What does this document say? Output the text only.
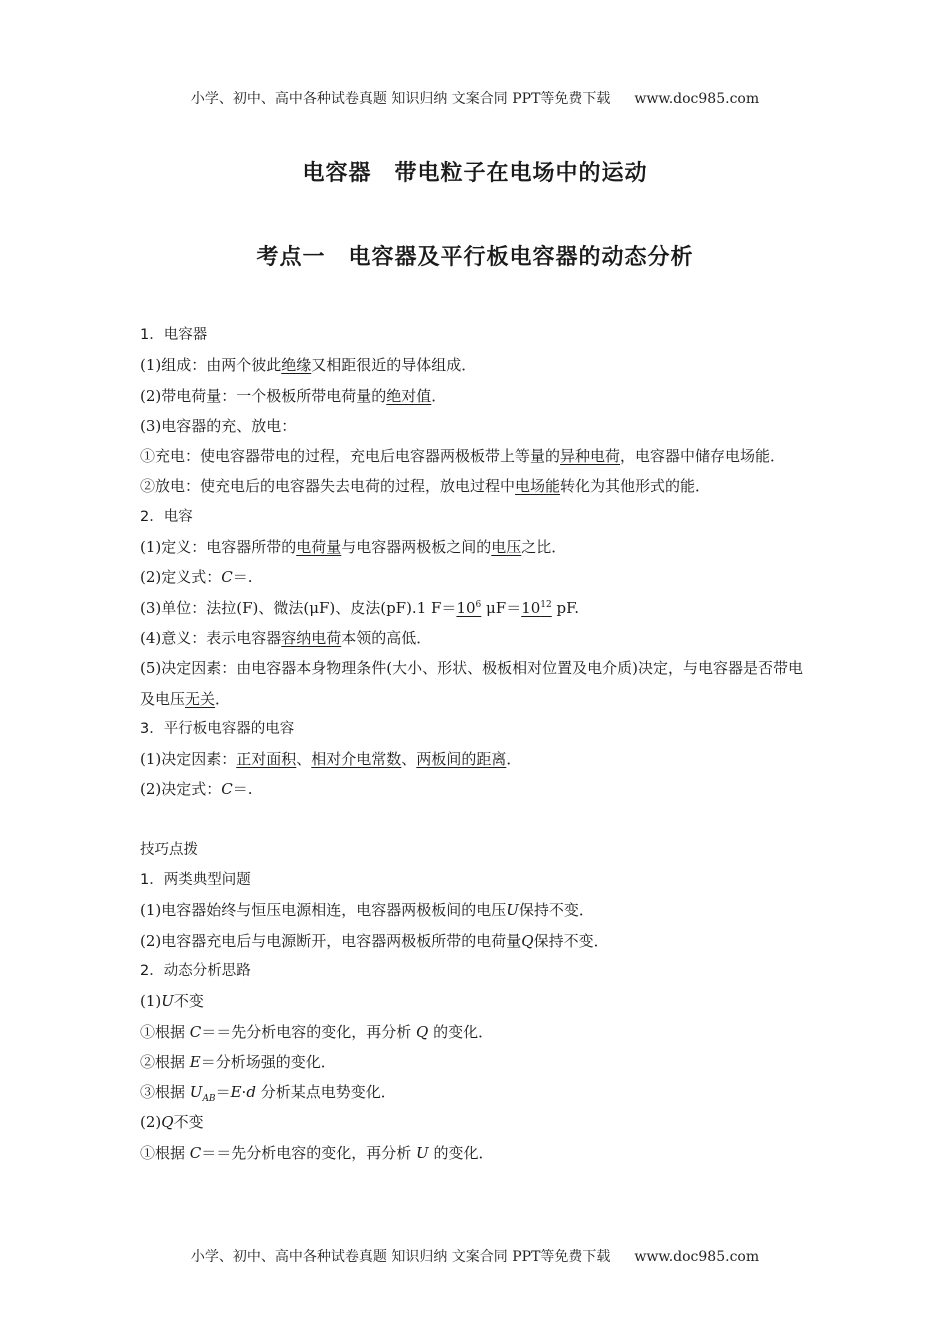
小学、初中、高中各种试卷真题 知识归纳 文案合同 PPT等免费下载 www.doc985.com
电容器　带电粒子在电场中的运动
考点一　电容器及平行板电容器的动态分析
1．电容器
(1)组成：由两个彼此绝缘又相距很近的导体组成．
(2)带电荷量：一个极板所带电荷量的绝对值．
(3)电容器的充、放电：
①充电：使电容器带电的过程，充电后电容器两极板带上等量的异种电荷，电容器中储存电场能．
②放电：使充电后的电容器失去电荷的过程，放电过程中电场能转化为其他形式的能．
2．电容
(1)定义：电容器所带的电荷量与电容器两极板之间的电压之比．
(2)定义式：C＝.
(3)单位：法拉(F)、微法(μF)、皮法(pF).1 $F=10^6$ $\mu F=10^{12}$ pF.
(4)意义：表示电容器容纳电荷本领的高低．
(5)决定因素：由电容器本身物理条件(大小、形状、极板相对位置及电介质)决定，与电容器是否带电及电压无关．
3．平行板电容器的电容
(1)决定因素：正对面积、相对介电常数、两板间的距离．
(2)决定式：C＝.
技巧点拨
1．两类典型问题
(1)电容器始终与恒压电源相连，电容器两极板间的电压U保持不变．
(2)电容器充电后与电源断开，电容器两极板所带的电荷量Q保持不变．
2．动态分析思路
(1)U不变
①根据 C＝＝先分析电容的变化，再分析 Q 的变化．
②根据 E＝分析场强的变化．
③根据 $U_{AB}=E\cdot d$ 分析某点电势变化．
(2)Q不变
①根据 C＝＝先分析电容的变化，再分析 U 的变化．
小学、初中、高中各种试卷真题 知识归纳 文案合同 PPT等免费下载 www.doc985.com
